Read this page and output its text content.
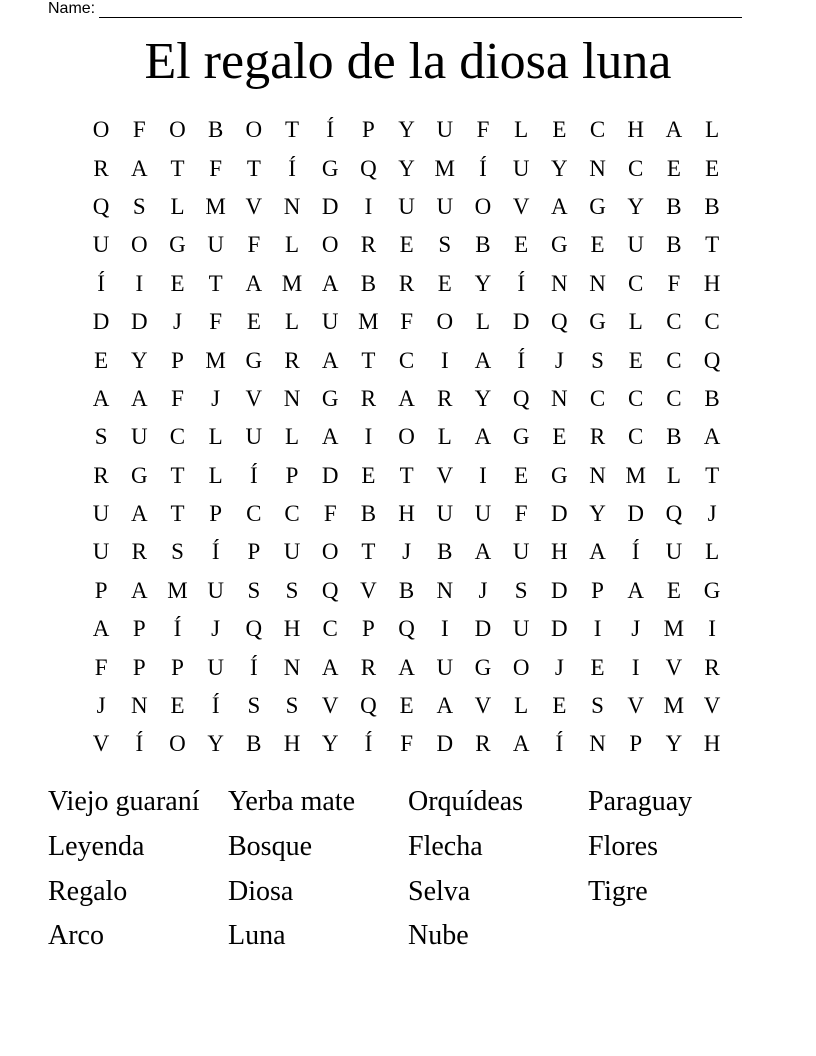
Name:
El regalo de la diosa luna
O	F	O B O T	Í	P	Y U	F	L	E	C H A L
R A T	F	T	Í	G Q Y M	Í	U Y N C	E	E
Q	S	L M V N D	I	U U O V A G Y B B
U O G U	F	L O R	E	S	B	E G E U B	T
Í	I	E	T A M A B R	E Y	Í	N N C	F	H
D D	J	F	E	L U M F	O L D Q G L	C C
E Y	P M G R A T	C	I	A	Í	J	S	E	C Q
A A	F	J	V N G R A R Y Q N C C C B
S	U C	L U L A	I	O L A G E	R C B A
R G T	L	Í	P	D E	T V	I	E G N M L	T
U A T	P	C C	F	B H U U	F	D Y D Q	J
U R	S	Í	P	U O T	J	B A U H A	Í	U L
P	A M U	S	S	Q V B N	J	S	D	P	A E G
A	P	Í	J	Q H C	P	Q	I	D U D	I	J	M	I
F	P	P	U	Í	N A R A U G O	J	E	I	V R
J	N E	Í	S	S	V Q E A V L	E	S	V M V
V	Í	O Y B H Y	Í	F	D R A	Í	N	P	Y H
Viejo guaraní	Yerba mate	Orquídeas	Paraguay
Leyenda	Bosque	Flecha	Flores
Regalo	Diosa	Selva	Tigre
Arco	Luna	Nube
